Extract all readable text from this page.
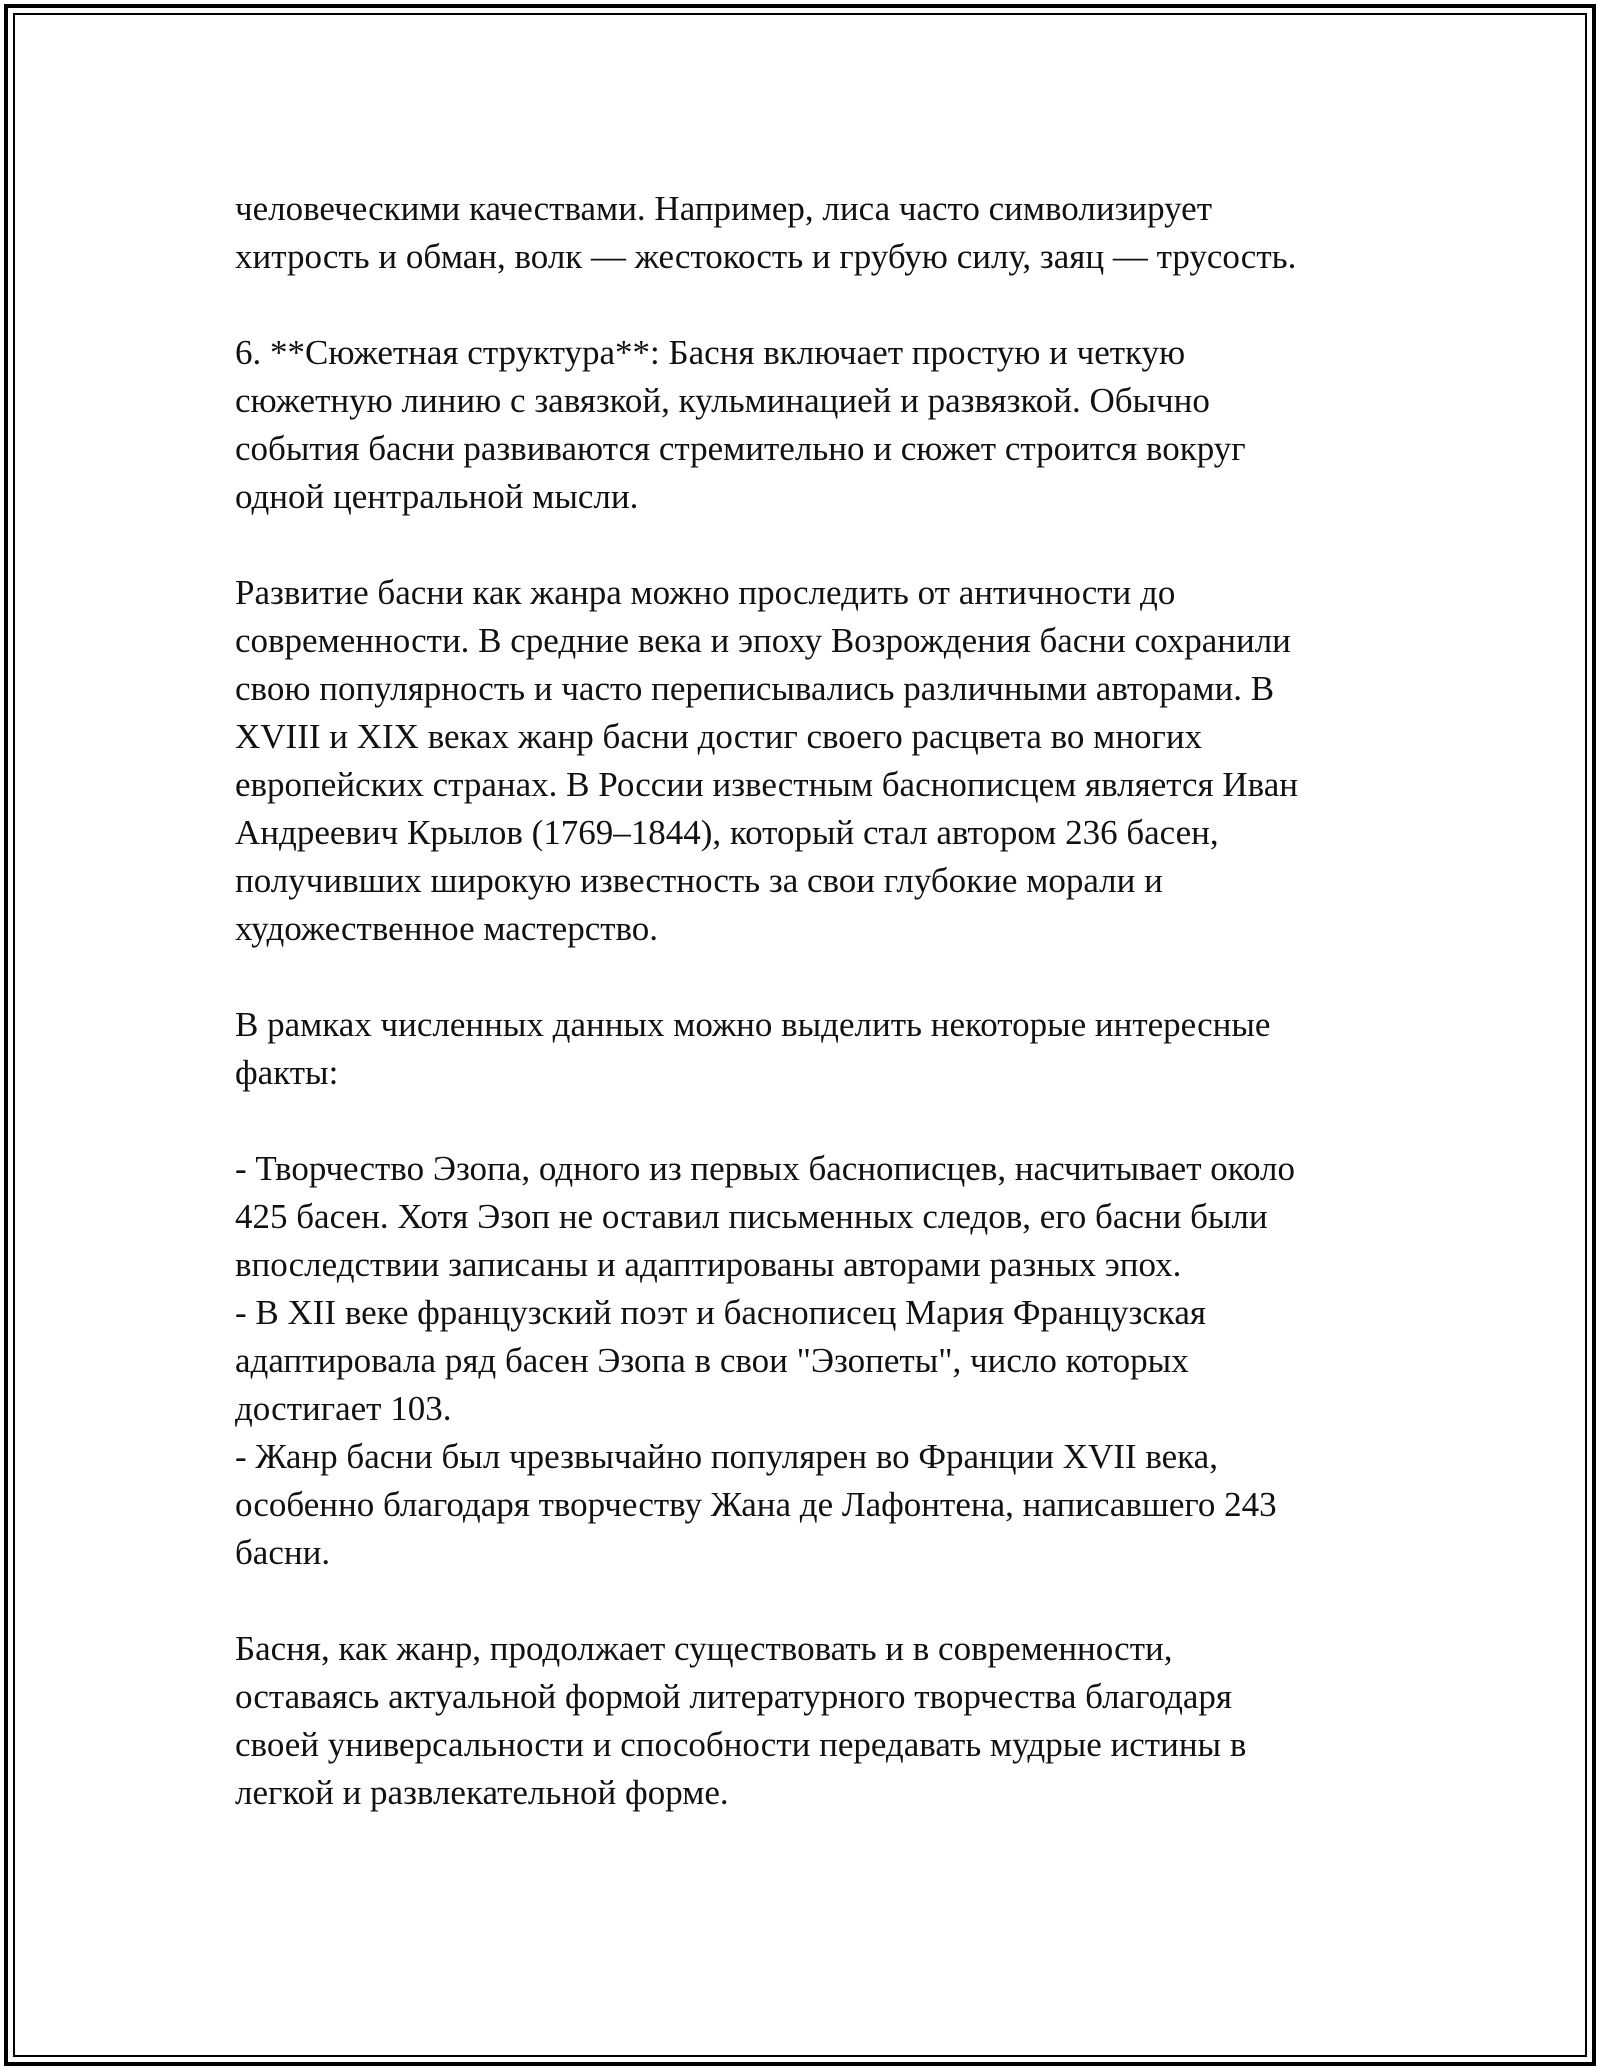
человеческими качествами. Например, лиса часто символизирует
хитрость и обман, волк — жестокость и грубую силу, заяц — трусость.

6. **Сюжетная структура**: Басня включает простую и четкую
сюжетную линию с завязкой, кульминацией и развязкой. Обычно
события басни развиваются стремительно и сюжет строится вокруг
одной центральной мысли.

Развитие басни как жанра можно проследить от античности до
современности. В средние века и эпоху Возрождения басни сохранили
свою популярность и часто переписывались различными авторами. В
XVIII и XIX веках жанр басни достиг своего расцвета во многих
европейских странах. В России известным баснописцем является Иван
Андреевич Крылов (1769–1844), который стал автором 236 басен,
получивших широкую известность за свои глубокие морали и
художественное мастерство.

В рамках численных данных можно выделить некоторые интересные
факты:

- Творчество Эзопа, одного из первых баснописцев, насчитывает около
425 басен. Хотя Эзоп не оставил письменных следов, его басни были
впоследствии записаны и адаптированы авторами разных эпох.
- В XII веке французский поэт и баснописец Мария Французская
адаптировала ряд басен Эзопа в свои "Эзопеты", число которых
достигает 103.
- Жанр басни был чрезвычайно популярен во Франции XVII века,
особенно благодаря творчеству Жана де Лафонтена, написавшего 243
басни.

Басня, как жанр, продолжает существовать и в современности,
оставаясь актуальной формой литературного творчества благодаря
своей универсальности и способности передавать мудрые истины в
легкой и развлекательной форме.
